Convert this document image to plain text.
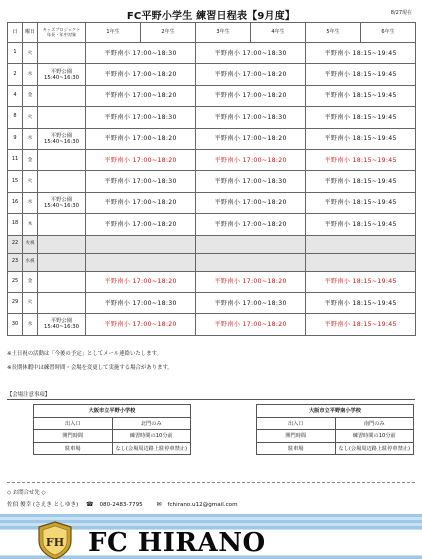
FC平野小学生 練習日程表【9月度】	8/27現在
日	曜日	キッズプロジェクト
年長・年中対象	1年生	2年生	3年生	4年生	5年生	6年生
1	火		平野南小 17:00~18:30		平野南小 17:00~18:30		平野南小 18:15~19:45	
2	水	平野公園
15:40~16:30	平野南小 17:00~18:20		平野南小 17:00~18:20		平野南小 18:15~19:45	
4	金		平野南小 17:00~18:20		平野南小 17:00~18:20		平野南小 18:15~19:45	
8	火		平野南小 17:00~18:30		平野南小 17:00~18:30		平野南小 18:15~19:45	
9	水	平野公園
15:40~16:30	平野南小 17:00~18:20		平野南小 17:00~18:20		平野南小 18:15~19:45	
11	金		平野南小 17:00~18:20		平野南小 17:00~18:20		平野南小 18:15~19:45	
15	火		平野南小 17:00~18:30		平野南小 17:00~18:30		平野南小 18:15~19:45	
16	水	平野公園
15:40~16:30	平野南小 17:00~18:20		平野南小 17:00~18:20		平野南小 18:15~19:45	
18	木		平野南小 17:00~18:20		平野南小 17:00~18:20		平野南小 18:15~19:45	
22	火祝							
23	水祝							
25	金		平野南小 17:00~18:20		平野南小 17:00~18:20		平野南小 18:15~19:45	
29	火		平野南小 17:00~18:30		平野南小 17:00~18:30		平野南小 18:15~19:45	
30	水	平野公園
15:40~16:30	平野南小 17:00~18:20		平野南小 17:00~18:20		平野南小 18:15~19:45	
※土日祝の活動は「今後の予定」としてメール連絡いたします。
※長期休暇中は練習時間・会場を変更して実施する場合があります。
【会場注意事項】
大阪市立平野小学校	
出入口	北門のみ
開門時間	練習時間の10分前
駐車場	なし(会場周辺路上駐停車禁止)
大阪市立平野南小学校	
出入口	南門のみ
開門時間	練習時間の10分前
駐車場	なし(会場周辺路上駐停車禁止)
◇ お問合せ先 ◇
佐伯 俊幸 (さえき としゆき) ☎ 080-2483-7795 ✉ fchirano.u12@gmail.com
FH FC HIRANO
